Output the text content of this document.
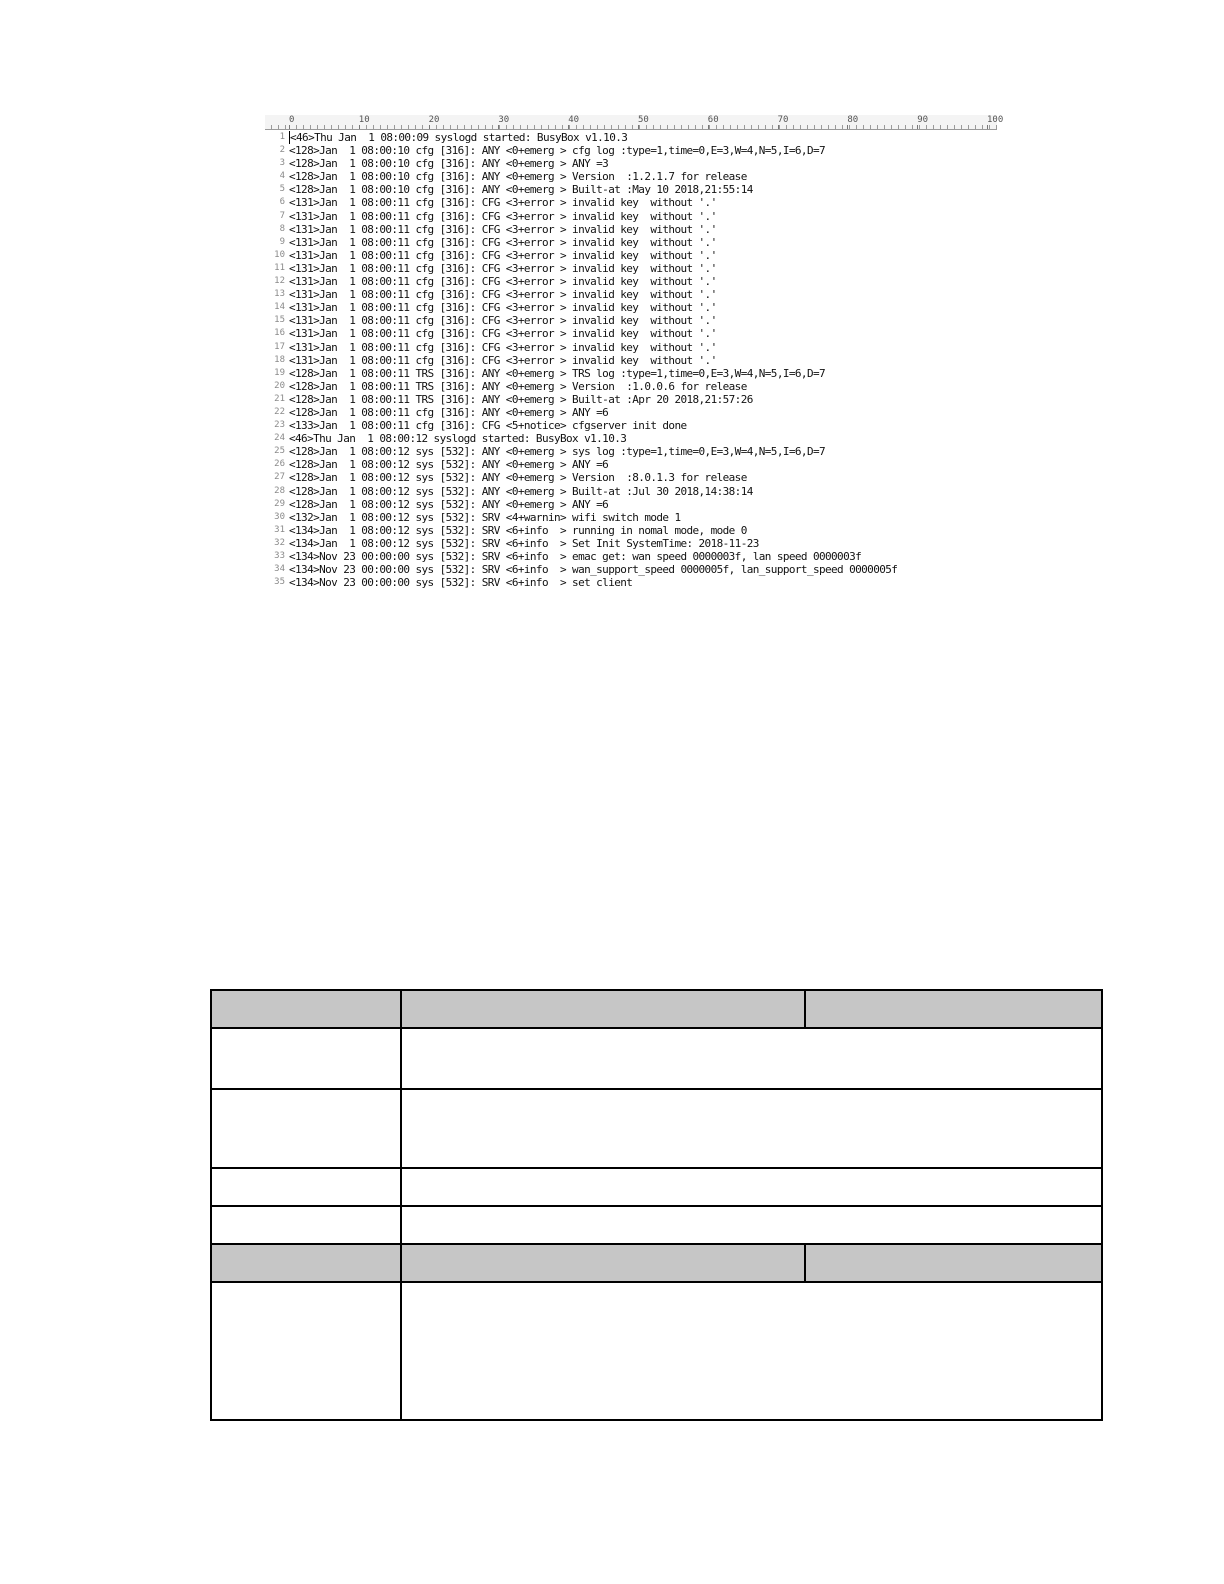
0	10	20	30	40	50	60	70	80	90	100
1 <46>Thu Jan  1 08:00:09 syslogd started: BusyBox v1.10.3
2 <128>Jan  1 08:00:10 cfg [316]: ANY <0+emerg > cfg log :type=1,time=0,E=3,W=4,N=5,I=6,D=7
3 <128>Jan  1 08:00:10 cfg [316]: ANY <0+emerg > ANY =3
4 <128>Jan  1 08:00:10 cfg [316]: ANY <0+emerg > Version  :1.2.1.7 for release
5 <128>Jan  1 08:00:10 cfg [316]: ANY <0+emerg > Built-at :May 10 2018,21:55:14
6 <131>Jan  1 08:00:11 cfg [316]: CFG <3+error > invalid key  without '.'
7 <131>Jan  1 08:00:11 cfg [316]: CFG <3+error > invalid key  without '.'
8 <131>Jan  1 08:00:11 cfg [316]: CFG <3+error > invalid key  without '.'
9 <131>Jan  1 08:00:11 cfg [316]: CFG <3+error > invalid key  without '.'
10 <131>Jan  1 08:00:11 cfg [316]: CFG <3+error > invalid key  without '.'
11 <131>Jan  1 08:00:11 cfg [316]: CFG <3+error > invalid key  without '.'
12 <131>Jan  1 08:00:11 cfg [316]: CFG <3+error > invalid key  without '.'
13 <131>Jan  1 08:00:11 cfg [316]: CFG <3+error > invalid key  without '.'
14 <131>Jan  1 08:00:11 cfg [316]: CFG <3+error > invalid key  without '.'
15 <131>Jan  1 08:00:11 cfg [316]: CFG <3+error > invalid key  without '.'
16 <131>Jan  1 08:00:11 cfg [316]: CFG <3+error > invalid key  without '.'
17 <131>Jan  1 08:00:11 cfg [316]: CFG <3+error > invalid key  without '.'
18 <131>Jan  1 08:00:11 cfg [316]: CFG <3+error > invalid key  without '.'
19 <128>Jan  1 08:00:11 TRS [316]: ANY <0+emerg > TRS log :type=1,time=0,E=3,W=4,N=5,I=6,D=7
20 <128>Jan  1 08:00:11 TRS [316]: ANY <0+emerg > Version  :1.0.0.6 for release
21 <128>Jan  1 08:00:11 TRS [316]: ANY <0+emerg > Built-at :Apr 20 2018,21:57:26
22 <128>Jan  1 08:00:11 cfg [316]: ANY <0+emerg > ANY =6
23 <133>Jan  1 08:00:11 cfg [316]: CFG <5+notice> cfgserver init done
24 <46>Thu Jan  1 08:00:12 syslogd started: BusyBox v1.10.3
25 <128>Jan  1 08:00:12 sys [532]: ANY <0+emerg > sys log :type=1,time=0,E=3,W=4,N=5,I=6,D=7
26 <128>Jan  1 08:00:12 sys [532]: ANY <0+emerg > ANY =6
27 <128>Jan  1 08:00:12 sys [532]: ANY <0+emerg > Version  :8.0.1.3 for release
28 <128>Jan  1 08:00:12 sys [532]: ANY <0+emerg > Built-at :Jul 30 2018,14:38:14
29 <128>Jan  1 08:00:12 sys [532]: ANY <0+emerg > ANY =6
30 <132>Jan  1 08:00:12 sys [532]: SRV <4+warnin> wifi switch mode 1
31 <134>Jan  1 08:00:12 sys [532]: SRV <6+info  > running in nomal mode, mode 0
32 <134>Jan  1 08:00:12 sys [532]: SRV <6+info  > Set Init SystemTime: 2018-11-23
33 <134>Nov 23 00:00:00 sys [532]: SRV <6+info  > emac get: wan speed 0000003f, lan speed 0000003f
34 <134>Nov 23 00:00:00 sys [532]: SRV <6+info  > wan_support_speed 0000005f, lan_support_speed 0000005f
35 <134>Nov 23 00:00:00 sys [532]: SRV <6+info  > set client
